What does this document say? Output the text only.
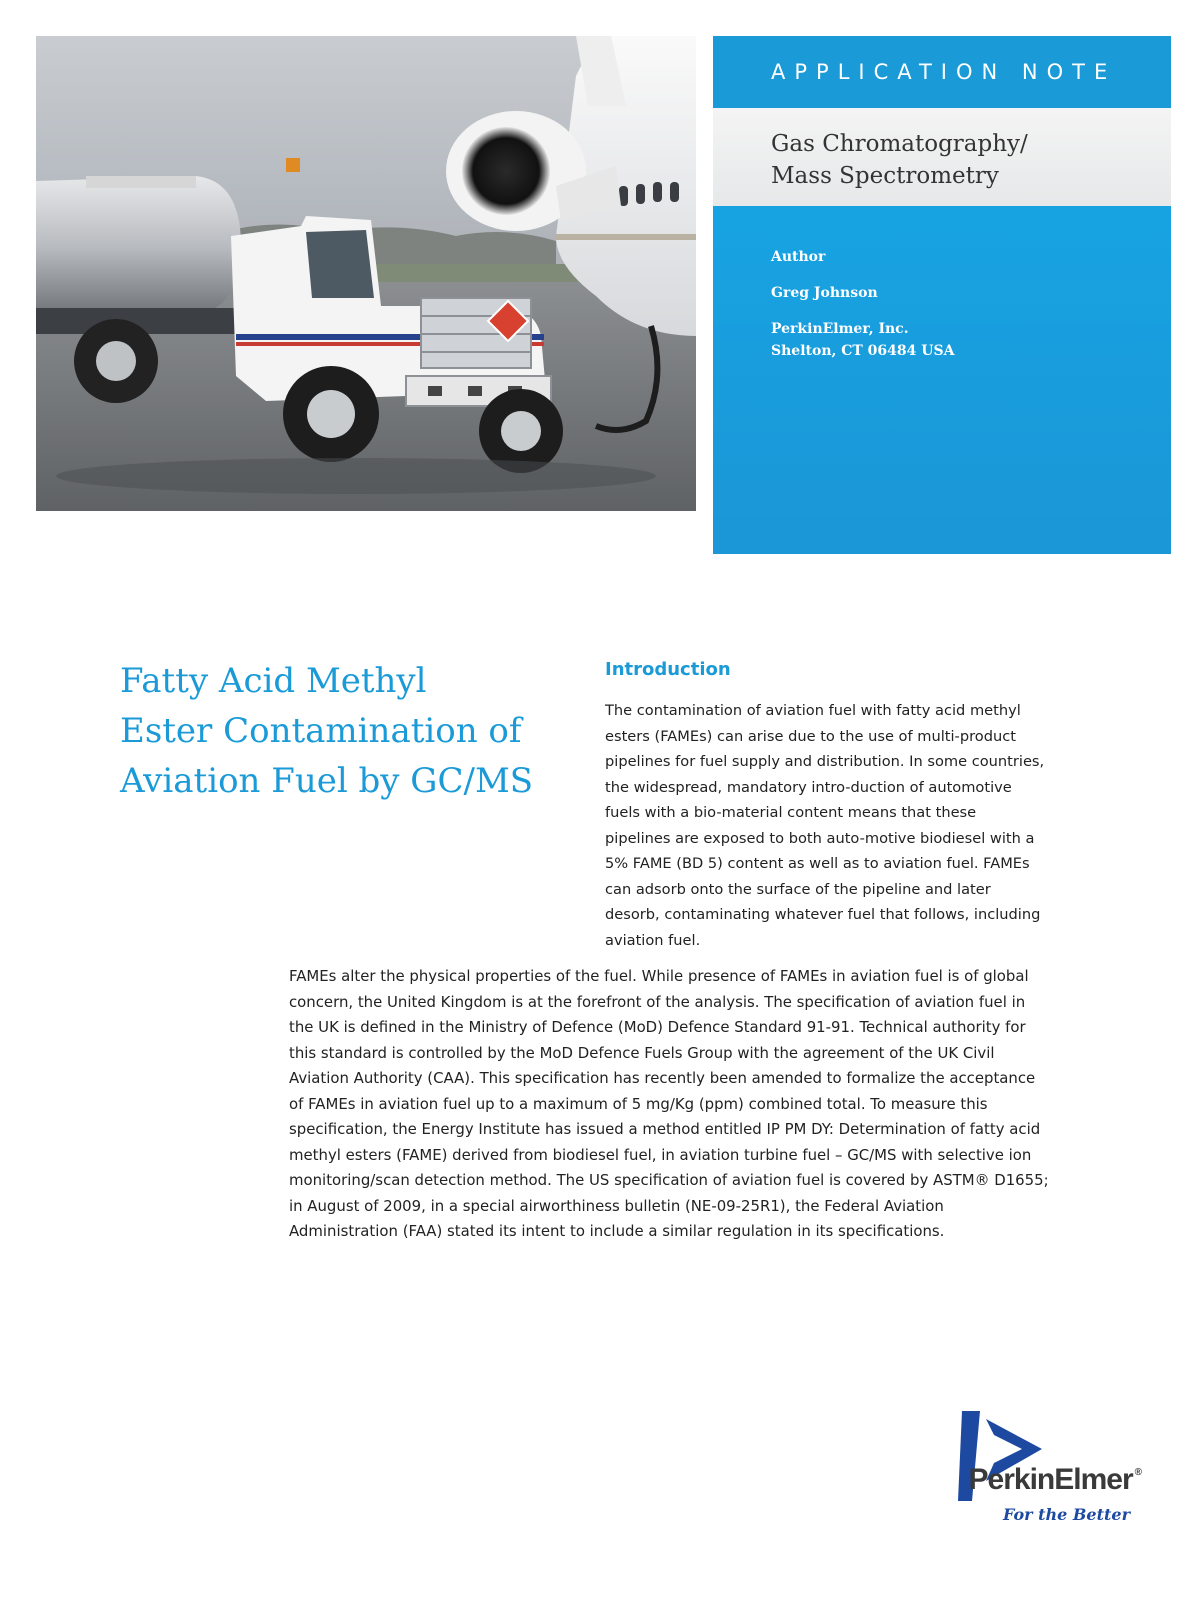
APPLICATION NOTE
Gas Chromatography/
Mass Spectrometry
Author
Greg Johnson
PerkinElmer, Inc.
Shelton, CT 06484 USA
Fatty Acid Methyl
Ester Contamination of
Aviation Fuel by GC/MS
Introduction
The contamination of aviation fuel with fatty acid methyl esters (FAMEs) can arise due to the use of multi-product pipelines for fuel supply and distribution. In some countries, the widespread, mandatory intro-duction of automotive fuels with a bio-material content means that these pipelines are exposed to both auto-motive biodiesel with a 5% FAME (BD 5) content as well as to aviation fuel. FAMEs can adsorb onto the surface of the pipeline and later desorb, contaminating whatever fuel that follows, including aviation fuel.
FAMEs alter the physical properties of the fuel. While presence of FAMEs in aviation fuel is of global concern, the United Kingdom is at the forefront of the analysis. The specification of aviation fuel in the UK is defined in the Ministry of Defence (MoD) Defence Standard 91-91. Technical authority for this standard is controlled by the MoD Defence Fuels Group with the agreement of the UK Civil Aviation Authority (CAA). This specification has recently been amended to formalize the acceptance of FAMEs in aviation fuel up to a maximum of 5 mg/Kg (ppm) combined total. To measure this specification, the Energy Institute has issued a method entitled IP PM DY: Determination of fatty acid methyl esters (FAME) derived from biodiesel fuel, in aviation turbine fuel – GC/MS with selective ion monitoring/scan detection method. The US specification of aviation fuel is covered by ASTM® D1655; in August of 2009, in a special airworthiness bulletin (NE-09-25R1), the Federal Aviation Administration (FAA) stated its intent to include a similar regulation in its specifications.
PerkinElmer ®
For the Better
